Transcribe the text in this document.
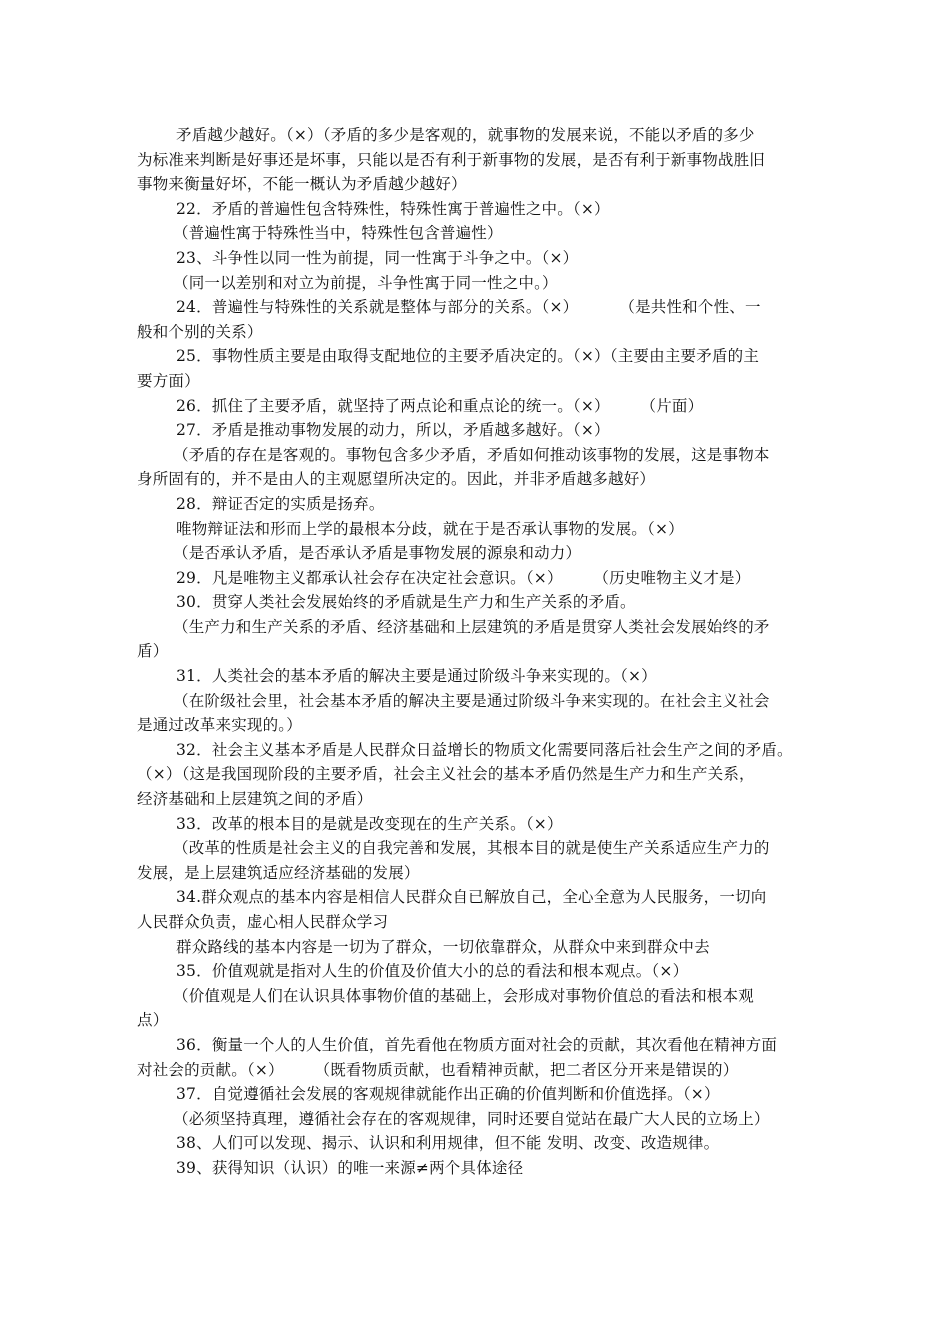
矛盾越少越好。（×）（矛盾的多少是客观的，就事物的发展来说，不能以矛盾的多少
为标准来判断是好事还是坏事，只能以是否有利于新事物的发展，是否有利于新事物战胜旧
事物来衡量好坏，不能一概认为矛盾越少越好）
22．矛盾的普遍性包含特殊性，特殊性寓于普遍性之中。（×）
（普遍性寓于特殊性当中，特殊性包含普遍性）
23、斗争性以同一性为前提，同一性寓于斗争之中。（×）
（同一以差别和对立为前提，斗争性寓于同一性之中。）
24．普遍性与特殊性的关系就是整体与部分的关系。（×）        （是共性和个性、一
般和个别的关系）
25．事物性质主要是由取得支配地位的主要矛盾决定的。（×）（主要由主要矛盾的主
要方面）
26．抓住了主要矛盾，就坚持了两点论和重点论的统一。（×）      （片面）
27．矛盾是推动事物发展的动力，所以，矛盾越多越好。（×）
（矛盾的存在是客观的。事物包含多少矛盾，矛盾如何推动该事物的发展，这是事物本
身所固有的，并不是由人的主观愿望所决定的。因此，并非矛盾越多越好）
28．辩证否定的实质是扬弃。
唯物辩证法和形而上学的最根本分歧，就在于是否承认事物的发展。（×）
（是否承认矛盾，是否承认矛盾是事物发展的源泉和动力）
29．凡是唯物主义都承认社会存在决定社会意识。（×）      （历史唯物主义才是）
30．贯穿人类社会发展始终的矛盾就是生产力和生产关系的矛盾。
（生产力和生产关系的矛盾、经济基础和上层建筑的矛盾是贯穿人类社会发展始终的矛
盾）
31．人类社会的基本矛盾的解决主要是通过阶级斗争来实现的。（×）
（在阶级社会里，社会基本矛盾的解决主要是通过阶级斗争来实现的。在社会主义社会
是通过改革来实现的。）
32．社会主义基本矛盾是人民群众日益增长的物质文化需要同落后社会生产之间的矛盾。
（×）（这是我国现阶段的主要矛盾，社会主义社会的基本矛盾仍然是生产力和生产关系，
经济基础和上层建筑之间的矛盾）
33．改革的根本目的是就是改变现在的生产关系。（×）
（改革的性质是社会主义的自我完善和发展，其根本目的就是使生产关系适应生产力的
发展，是上层建筑适应经济基础的发展）
34.群众观点的基本内容是相信人民群众自已解放自己，全心全意为人民服务，一切向
人民群众负责，虚心相人民群众学习
群众路线的基本内容是一切为了群众，一切依靠群众，从群众中来到群众中去
35．价值观就是指对人生的价值及价值大小的总的看法和根本观点。（×）
（价值观是人们在认识具体事物价值的基础上，会形成对事物价值总的看法和根本观
点）
36．衡量一个人的人生价值，首先看他在物质方面对社会的贡献，其次看他在精神方面
对社会的贡献。（×）      （既看物质贡献，也看精神贡献，把二者区分开来是错误的）
37．自觉遵循社会发展的客观规律就能作出正确的价值判断和价值选择。（×）
（必须坚持真理，遵循社会存在的客观规律，同时还要自觉站在最广大人民的立场上）
38、人们可以发现、揭示、认识和利用规律，但不能 发明、改变、改造规律。
39、获得知识（认识）的唯一来源≠两个具体途径
